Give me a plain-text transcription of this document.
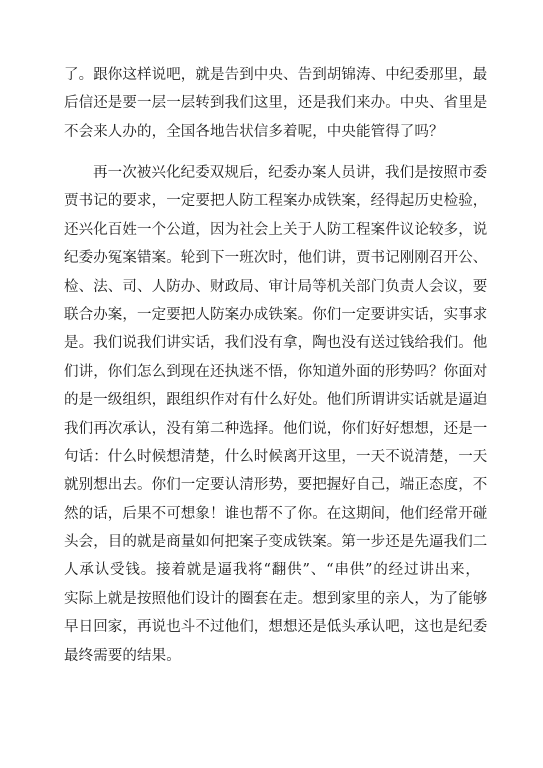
了。跟你这样说吧，就是告到中央、告到胡锦涛、中纪委那里，最
后信还是要一层一层转到我们这里，还是我们来办。中央、省里是
不会来人办的，全国各地告状信多着呢，中央能管得了吗？
再一次被兴化纪委双规后，纪委办案人员讲，我们是按照市委
贾书记的要求，一定要把人防工程案办成铁案，经得起历史检验，
还兴化百姓一个公道，因为社会上关于人防工程案件议论较多，说
纪委办冤案错案。轮到下一班次时，他们讲，贾书记刚刚召开公、
检、法、司、人防办、财政局、审计局等机关部门负责人会议，要
联合办案，一定要把人防案办成铁案。你们一定要讲实话，实事求
是。我们说我们讲实话，我们没有拿，陶也没有送过钱给我们。他
们讲，你们怎么到现在还执迷不悟，你知道外面的形势吗？你面对
的是一级组织，跟组织作对有什么好处。他们所谓讲实话就是逼迫
我们再次承认，没有第二种选择。他们说，你们好好想想，还是一
句话：什么时候想清楚，什么时候离开这里，一天不说清楚，一天
就别想出去。你们一定要认清形势，要把握好自己，端正态度，不
然的话，后果不可想象！谁也帮不了你。在这期间，他们经常开碰
头会，目的就是商量如何把案子变成铁案。第一步还是先逼我们二
人承认受钱。接着就是逼我将“翻供”、“串供”的经过讲出来，
实际上就是按照他们设计的圈套在走。想到家里的亲人，为了能够
早日回家，再说也斗不过他们，想想还是低头承认吧，这也是纪委
最终需要的结果。
